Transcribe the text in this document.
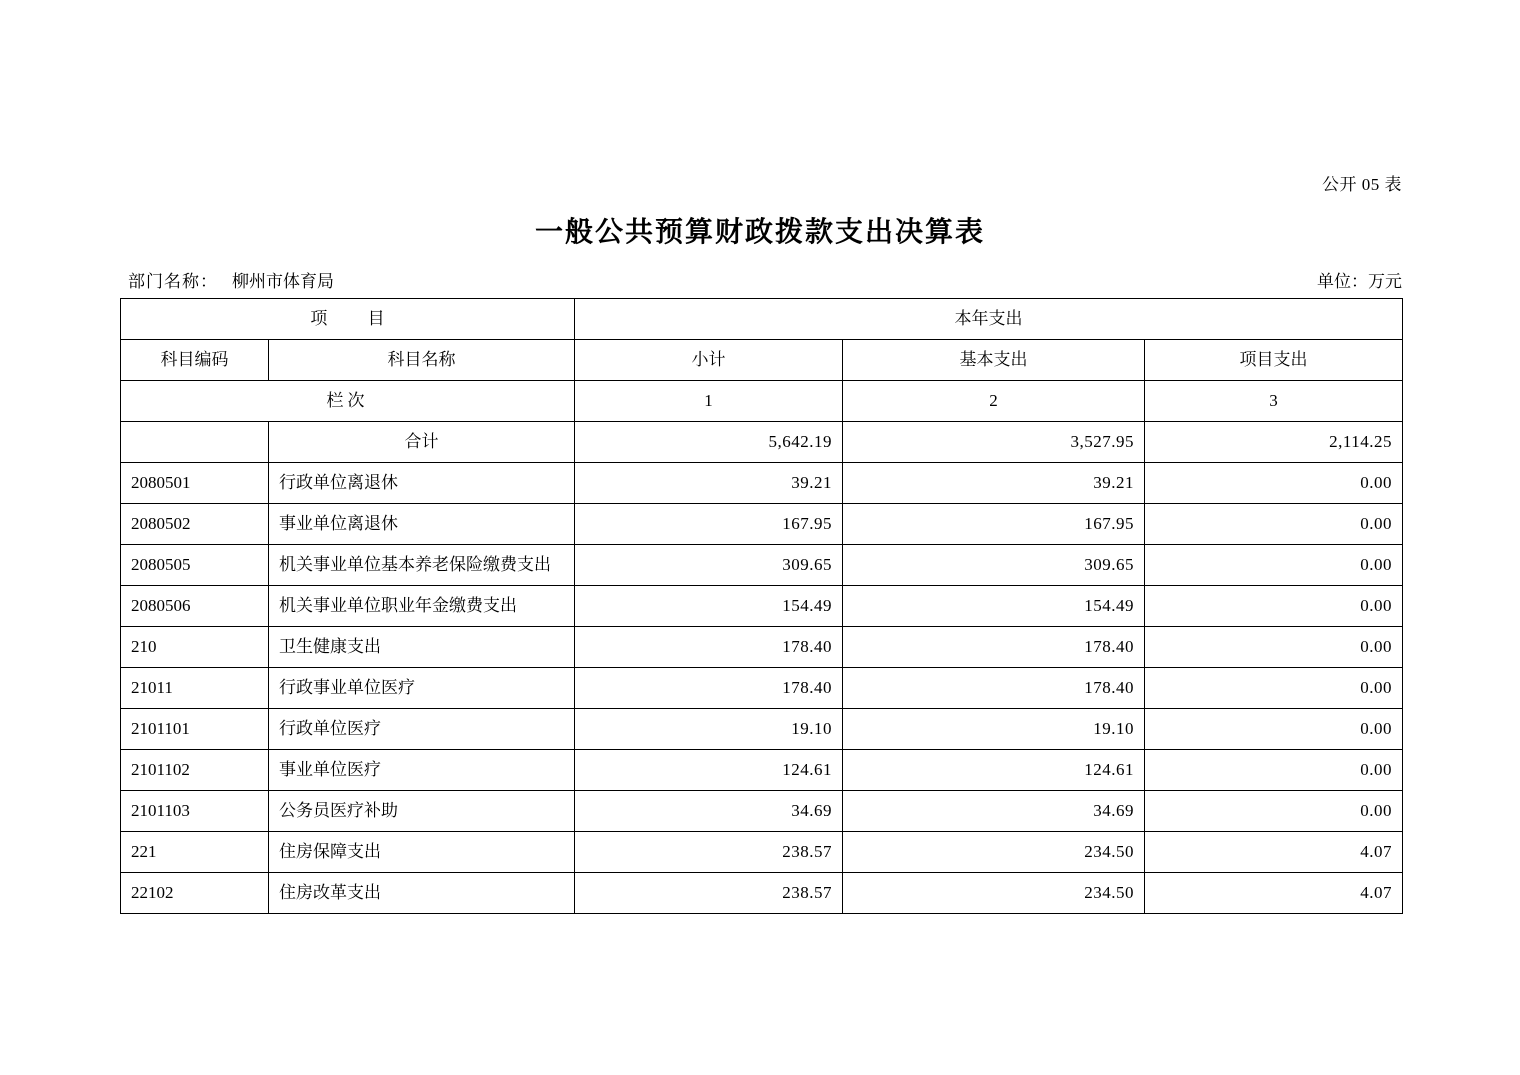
公开 05 表
一般公共预算财政拨款支出决算表
部门名称： 柳州市体育局	单位：万元
项 目		本年支出		
科目编码	科目名称	小计	基本支出	项目支出
栏次		1	2	3
	合计	5,642.19	3,527.95	2,114.25
2080501	行政单位离退休	39.21	39.21	0.00
2080502	事业单位离退休	167.95	167.95	0.00
2080505	机关事业单位基本养老保险缴费支出	309.65	309.65	0.00
2080506	机关事业单位职业年金缴费支出	154.49	154.49	0.00
210	卫生健康支出	178.40	178.40	0.00
21011	行政事业单位医疗	178.40	178.40	0.00
2101101	行政单位医疗	19.10	19.10	0.00
2101102	事业单位医疗	124.61	124.61	0.00
2101103	公务员医疗补助	34.69	34.69	0.00
221	住房保障支出	238.57	234.50	4.07
22102	住房改革支出	238.57	234.50	4.07
